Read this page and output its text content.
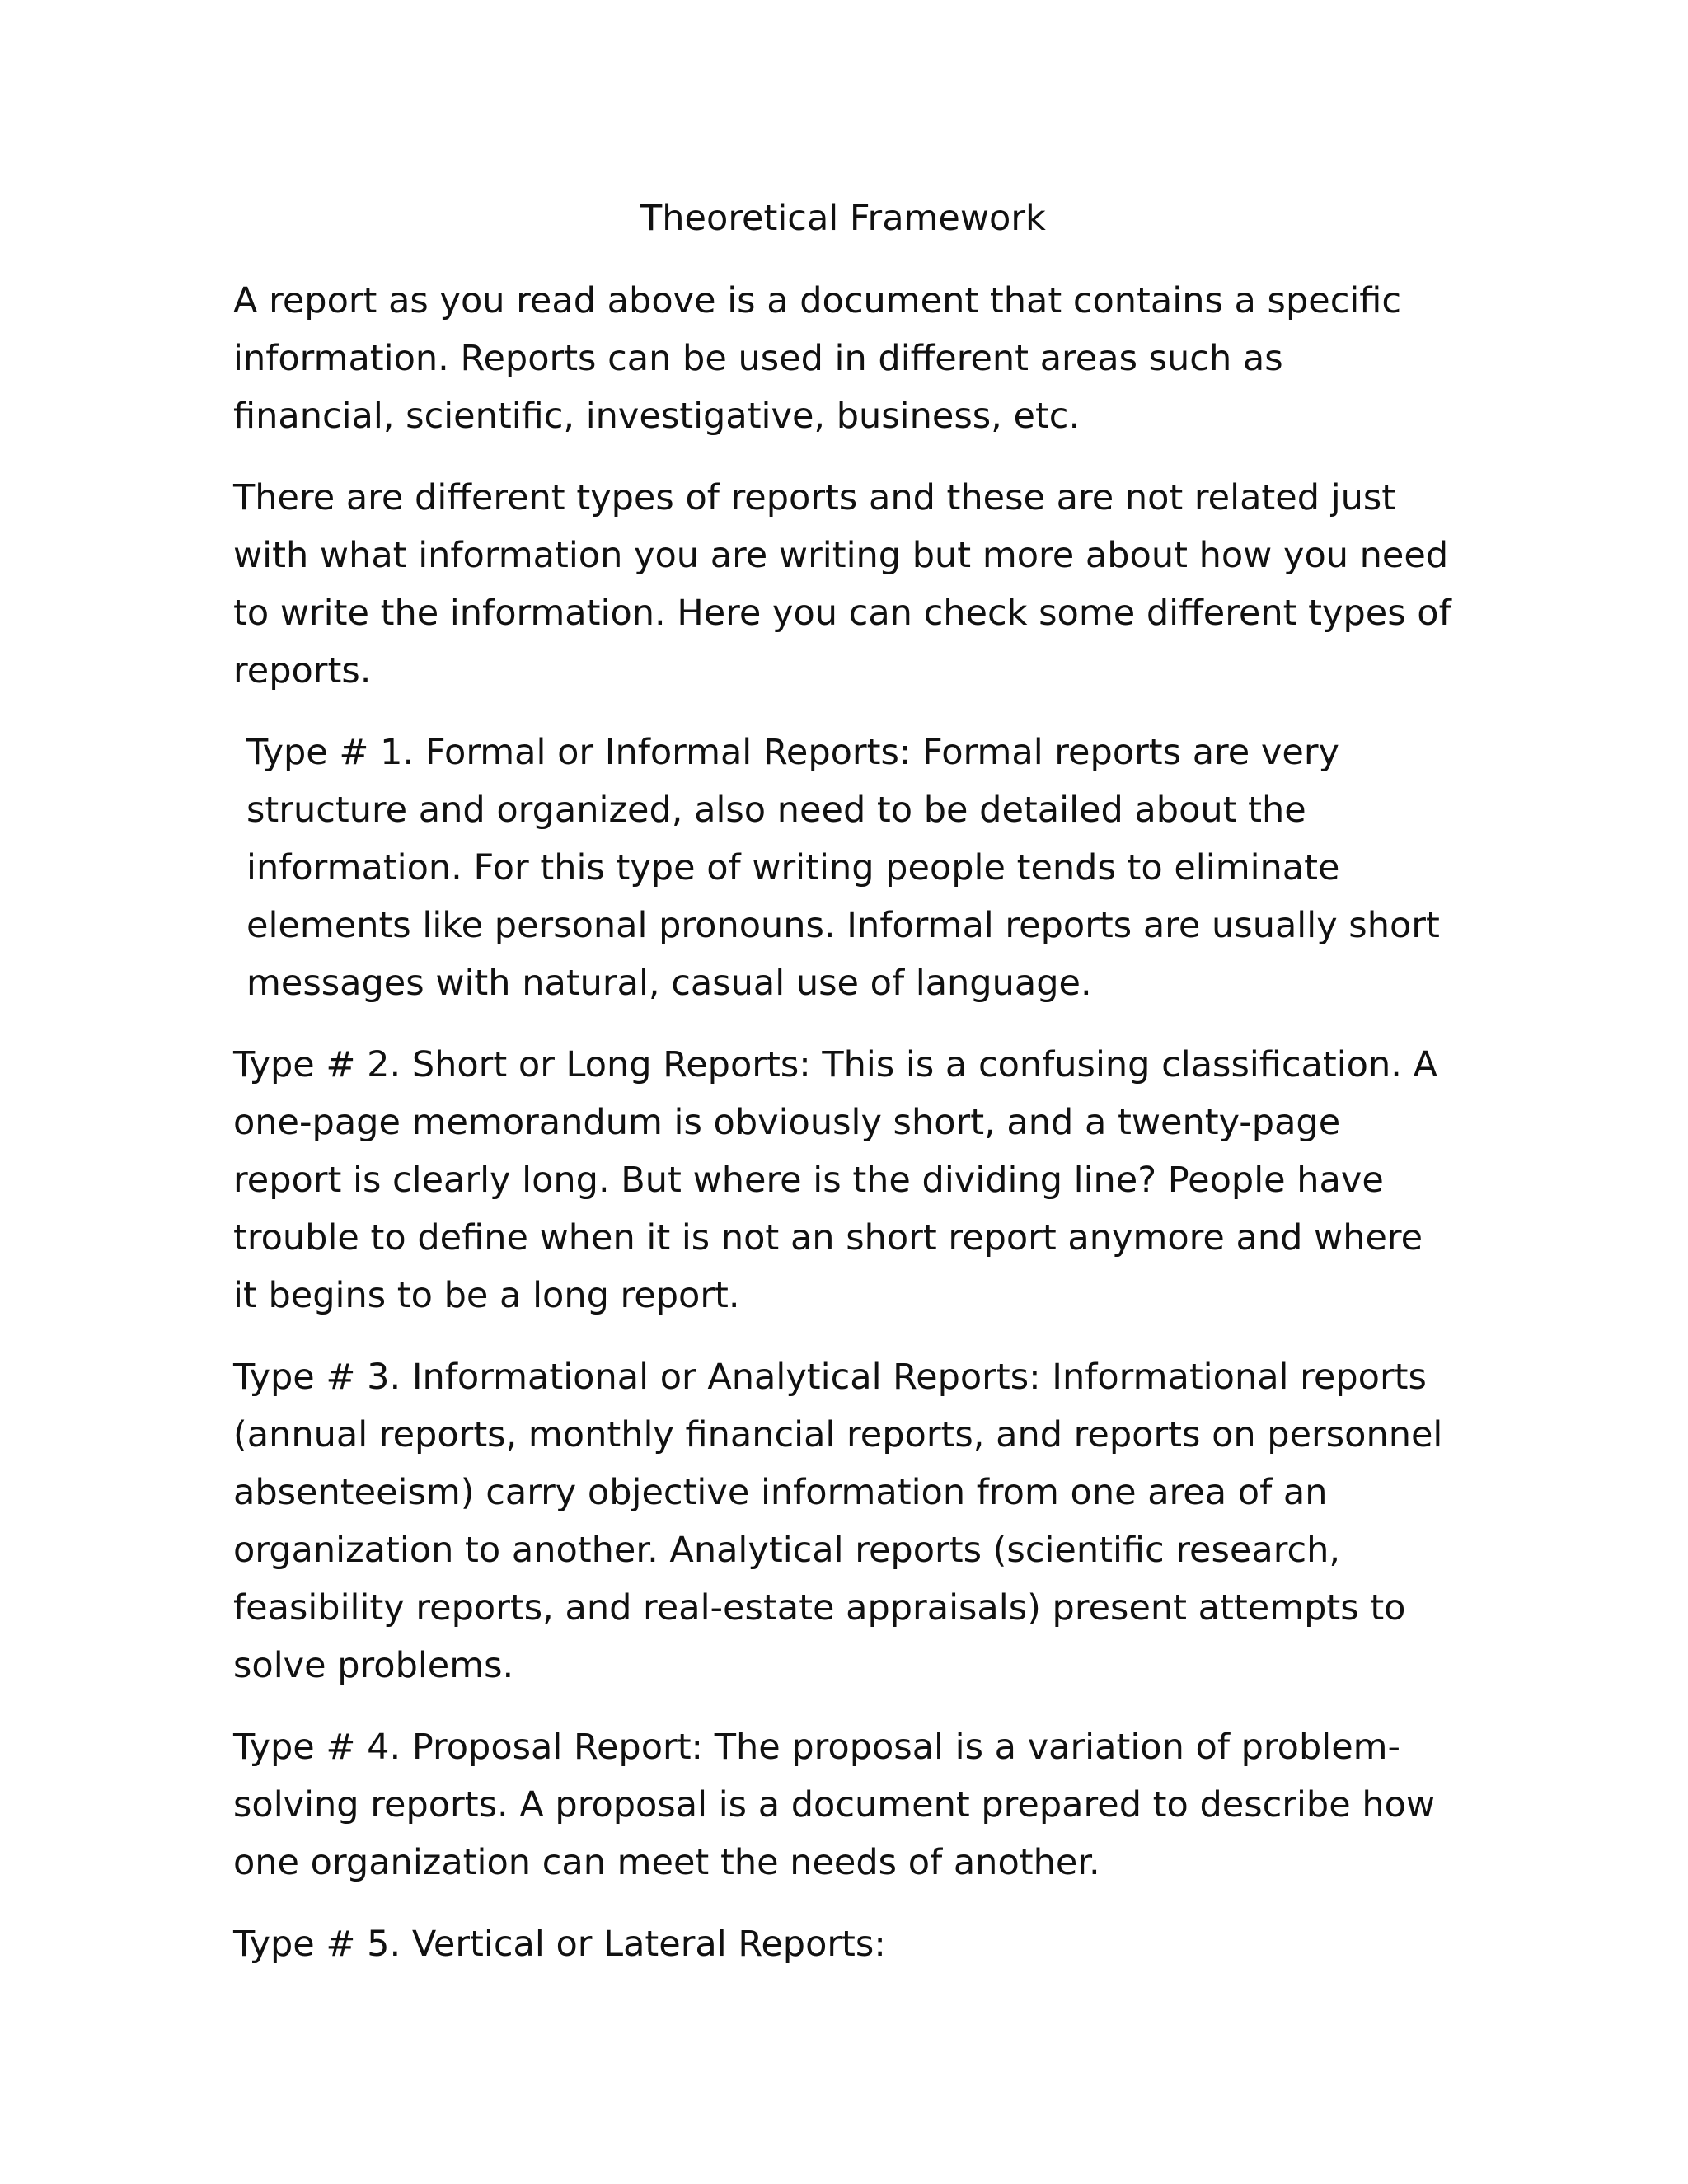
Theoretical Framework

A report as you read above is a document that contains a specific information. Reports can be used in different areas such as financial, scientific, investigative, business, etc.

There are different types of reports and these are not related just with what information you are writing but more about how you need to write the information. Here you can check some different types of reports.

Type # 1. Formal or Informal Reports: Formal reports are very structure and organized, also need to be detailed about the information. For this type of writing people tends to eliminate elements like personal pronouns. Informal reports are usually short messages with natural, casual use of language.

Type # 2. Short or Long Reports: This is a confusing classification. A one-page memorandum is obviously short, and a twenty-page report is clearly long. But where is the dividing line? People have trouble to define when it is not an short report anymore and where it begins to be a long report.

Type # 3. Informational or Analytical Reports: Informational reports (annual reports, monthly financial reports, and reports on personnel absenteeism) carry objective information from one area of an organization to another. Analytical reports (scientific research, feasibility reports, and real-estate appraisals) present attempts to solve problems.

Type # 4. Proposal Report: The proposal is a variation of problem-solving reports. A proposal is a document prepared to describe how one organization can meet the needs of another.

Type # 5. Vertical or Lateral Reports:
